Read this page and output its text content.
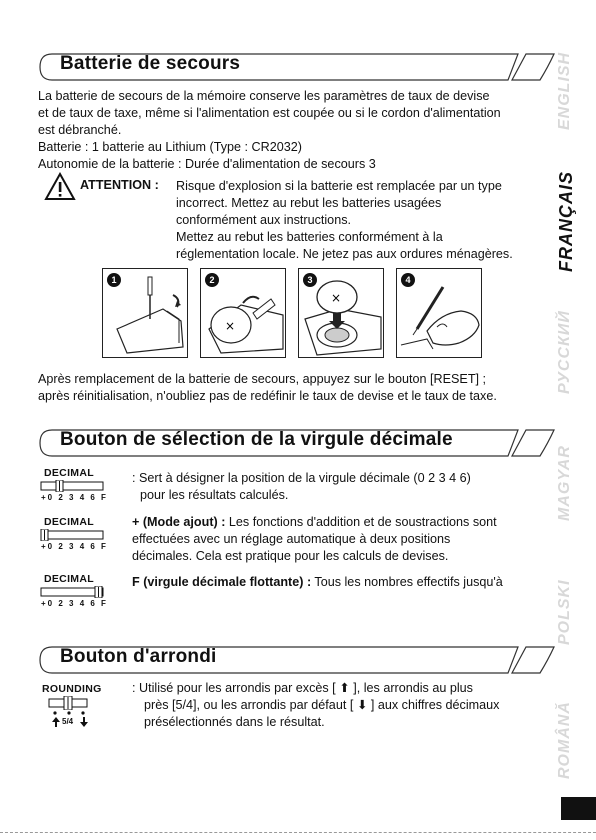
Batterie de secours
La batterie de secours de la mémoire conserve les paramètres de taux de devise
et de taux de taxe, même si l'alimentation est coupée ou si le cordon d'alimentation
est débranché.
Batterie : 1 batterie au Lithium (Type : CR2032)
Autonomie de la batterie : Durée d'alimentation de secours 3
ATTENTION : Risque d'explosion si la batterie est remplacée par un type
incorrect. Mettez au rebut les batteries usagées
conformément aux instructions.
Mettez au rebut les batteries conformément à la
réglementation locale. Ne jetez pas aux ordures ménagères.
1	2
×
3
×
4
Après remplacement de la batterie de secours, appuyez sur le bouton [RESET] ;
après réinitialisation, n'oubliez pas de redéfinir le taux de devise et le taux de taxe.
Bouton de sélection de la virgule décimale
DECIMAL
+0 2 3 4 6 F
: Sert à désigner la position de la virgule décimale (0 2 3 4 6)
pour les résultats calculés.
DECIMAL
+0 2 3 4 6 F
+ (Mode ajout) : Les fonctions d'addition et de soustractions sont
effectuées avec un réglage automatique à deux positions
décimales. Cela est pratique pour les calculs de devises.
DECIMAL
+0 2 3 4 6 F
F (virgule décimale flottante) : Tous les nombres effectifs jusqu'à
Bouton d'arrondi
ROUNDING
5/4
: Utilisé pour les arrondis par excès [ ⬆ ], les arrondis au plus
près [5/4], ou les arrondis par défaut [ ⬇ ] aux chiffres décimaux
présélectionnés dans le résultat.
ENGLISH
FRANÇAIS
РУССКИЙ
MAGYAR
POLSKI
ROMÂNĂ
